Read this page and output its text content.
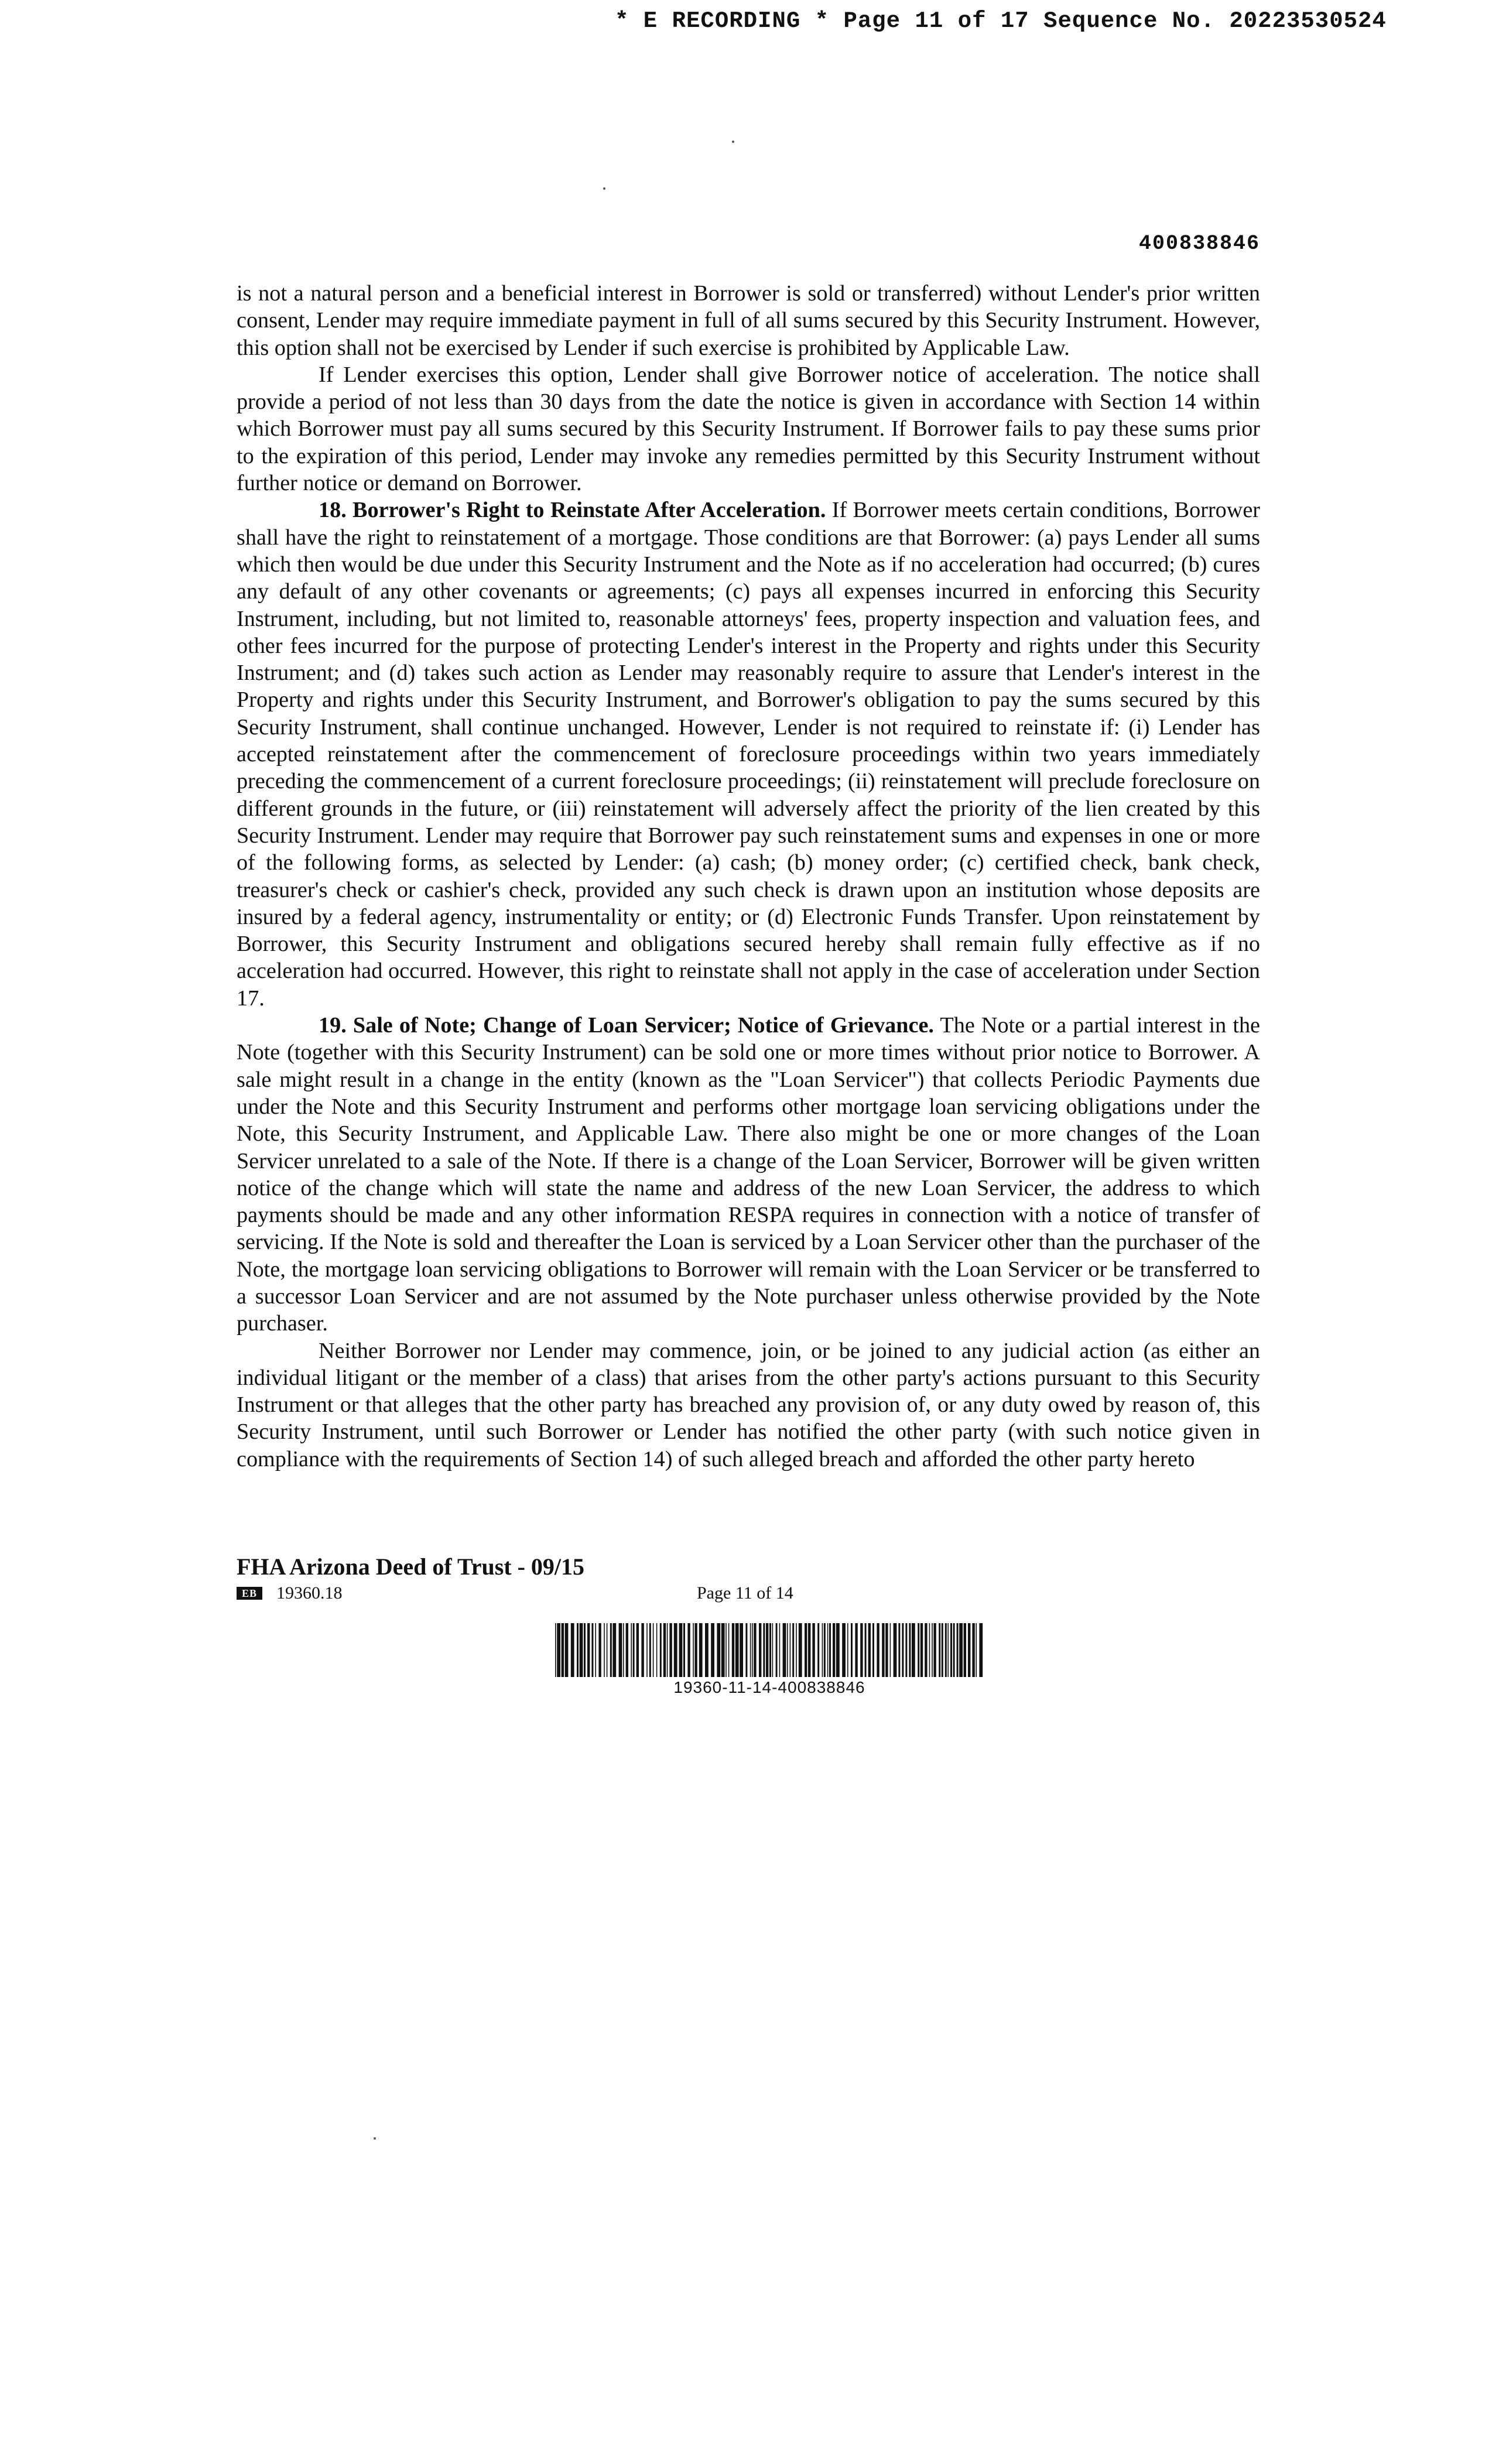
* E RECORDING * Page 11 of 17 Sequence No. 20223530524
400838846

is not a natural person and a beneficial interest in Borrower is sold or transferred) without Lender's prior written consent, Lender may require immediate payment in full of all sums secured by this Security Instrument. However, this option shall not be exercised by Lender if such exercise is prohibited by Applicable Law.

If Lender exercises this option, Lender shall give Borrower notice of acceleration. The notice shall provide a period of not less than 30 days from the date the notice is given in accordance with Section 14 within which Borrower must pay all sums secured by this Security Instrument. If Borrower fails to pay these sums prior to the expiration of this period, Lender may invoke any remedies permitted by this Security Instrument without further notice or demand on Borrower.

18. Borrower's Right to Reinstate After Acceleration. If Borrower meets certain conditions, Borrower shall have the right to reinstatement of a mortgage. Those conditions are that Borrower: (a) pays Lender all sums which then would be due under this Security Instrument and the Note as if no acceleration had occurred; (b) cures any default of any other covenants or agreements; (c) pays all expenses incurred in enforcing this Security Instrument, including, but not limited to, reasonable attorneys' fees, property inspection and valuation fees, and other fees incurred for the purpose of protecting Lender's interest in the Property and rights under this Security Instrument; and (d) takes such action as Lender may reasonably require to assure that Lender's interest in the Property and rights under this Security Instrument, and Borrower's obligation to pay the sums secured by this Security Instrument, shall continue unchanged. However, Lender is not required to reinstate if: (i) Lender has accepted reinstatement after the commencement of foreclosure proceedings within two years immediately preceding the commencement of a current foreclosure proceedings; (ii) reinstatement will preclude foreclosure on different grounds in the future, or (iii) reinstatement will adversely affect the priority of the lien created by this Security Instrument. Lender may require that Borrower pay such reinstatement sums and expenses in one or more of the following forms, as selected by Lender: (a) cash; (b) money order; (c) certified check, bank check, treasurer's check or cashier's check, provided any such check is drawn upon an institution whose deposits are insured by a federal agency, instrumentality or entity; or (d) Electronic Funds Transfer. Upon reinstatement by Borrower, this Security Instrument and obligations secured hereby shall remain fully effective as if no acceleration had occurred. However, this right to reinstate shall not apply in the case of acceleration under Section 17.

19. Sale of Note; Change of Loan Servicer; Notice of Grievance. The Note or a partial interest in the Note (together with this Security Instrument) can be sold one or more times without prior notice to Borrower. A sale might result in a change in the entity (known as the "Loan Servicer") that collects Periodic Payments due under the Note and this Security Instrument and performs other mortgage loan servicing obligations under the Note, this Security Instrument, and Applicable Law. There also might be one or more changes of the Loan Servicer unrelated to a sale of the Note. If there is a change of the Loan Servicer, Borrower will be given written notice of the change which will state the name and address of the new Loan Servicer, the address to which payments should be made and any other information RESPA requires in connection with a notice of transfer of servicing. If the Note is sold and thereafter the Loan is serviced by a Loan Servicer other than the purchaser of the Note, the mortgage loan servicing obligations to Borrower will remain with the Loan Servicer or be transferred to a successor Loan Servicer and are not assumed by the Note purchaser unless otherwise provided by the Note purchaser.

Neither Borrower nor Lender may commence, join, or be joined to any judicial action (as either an individual litigant or the member of a class) that arises from the other party's actions pursuant to this Security Instrument or that alleges that the other party has breached any provision of, or any duty owed by reason of, this Security Instrument, until such Borrower or Lender has notified the other party (with such notice given in compliance with the requirements of Section 14) of such alleged breach and afforded the other party hereto

FHA Arizona Deed of Trust - 09/15
EB	19360.18	Page 11 of 14
19360-11-14-400838846
